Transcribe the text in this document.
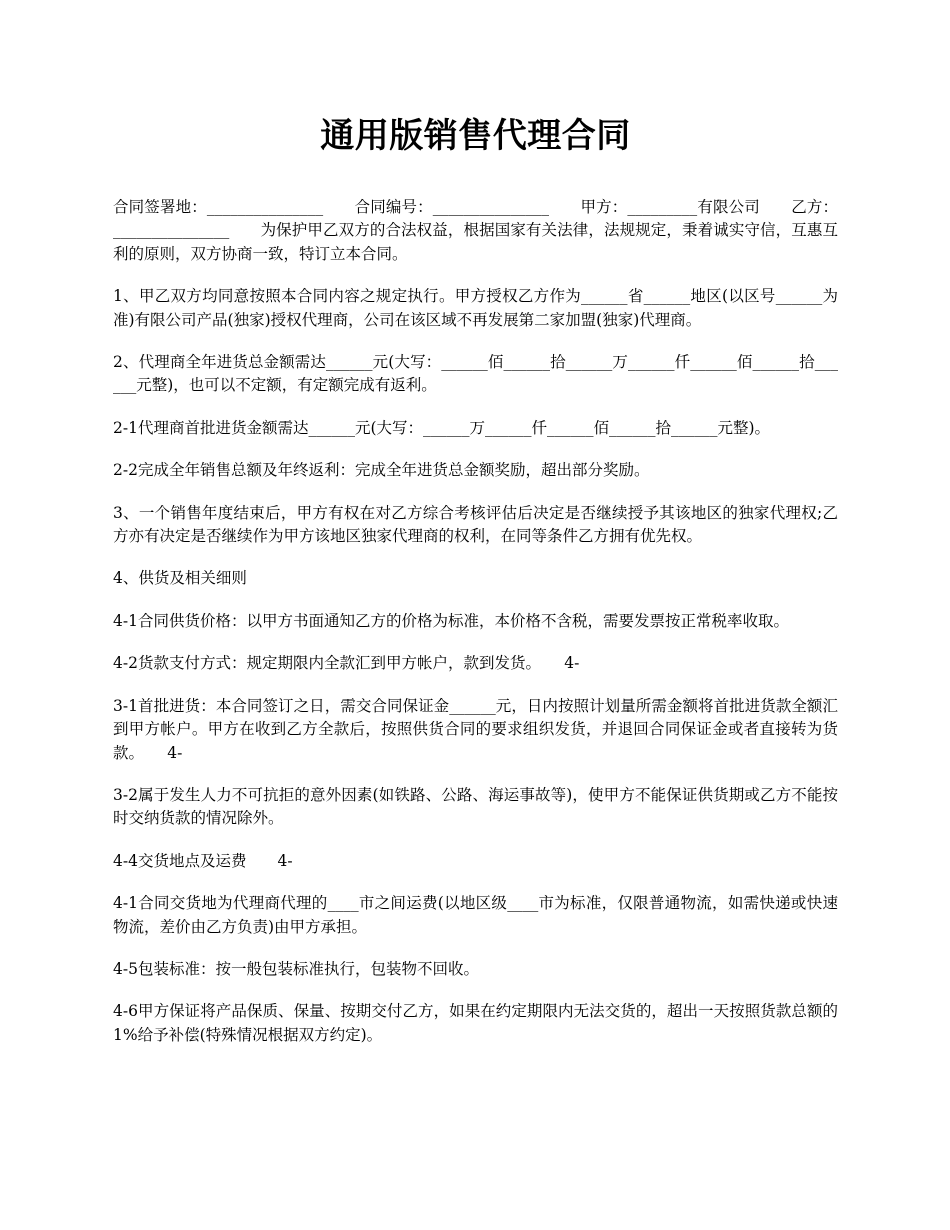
通用版销售代理合同

合同签署地：_______________　　合同编号：_______________　　甲方：_________有限公司　　乙方：_______________　　为保护甲乙双方的合法权益，根据国家有关法律，法规规定，秉着诚实守信，互惠互利的原则，双方协商一致，特订立本合同。

1、甲乙双方均同意按照本合同内容之规定执行。甲方授权乙方作为______省______地区(以区号______为准)有限公司产品(独家)授权代理商，公司在该区域不再发展第二家加盟(独家)代理商。

2、代理商全年进货总金额需达______元(大写：______佰______拾______万______仟______佰______拾______元整)，也可以不定额，有定额完成有返利。

2-1代理商首批进货金额需达______元(大写：______万______仟______佰______拾______元整)。

2-2完成全年销售总额及年终返利：完成全年进货总金额奖励，超出部分奖励。

3、一个销售年度结束后，甲方有权在对乙方综合考核评估后决定是否继续授予其该地区的独家代理权;乙方亦有决定是否继续作为甲方该地区独家代理商的权利，在同等条件乙方拥有优先权。

4、供货及相关细则

4-1合同供货价格：以甲方书面通知乙方的价格为标准，本价格不含税，需要发票按正常税率收取。

4-2货款支付方式：规定期限内全款汇到甲方帐户，款到发货。　　4-

3-1首批进货：本合同签订之日，需交合同保证金______元，日内按照计划量所需金额将首批进货款全额汇到甲方帐户。甲方在收到乙方全款后，按照供货合同的要求组织发货，并退回合同保证金或者直接转为货款。　　4-

3-2属于发生人力不可抗拒的意外因素(如铁路、公路、海运事故等)，使甲方不能保证供货期或乙方不能按时交纳货款的情况除外。

4-4交货地点及运费　　4-

4-1合同交货地为代理商代理的____市之间运费(以地区级____市为标准，仅限普通物流，如需快递或快速物流，差价由乙方负责)由甲方承担。

4-5包装标准：按一般包装标准执行，包装物不回收。

4-6甲方保证将产品保质、保量、按期交付乙方，如果在约定期限内无法交货的，超出一天按照货款总额的1%给予补偿(特殊情况根据双方约定)。
